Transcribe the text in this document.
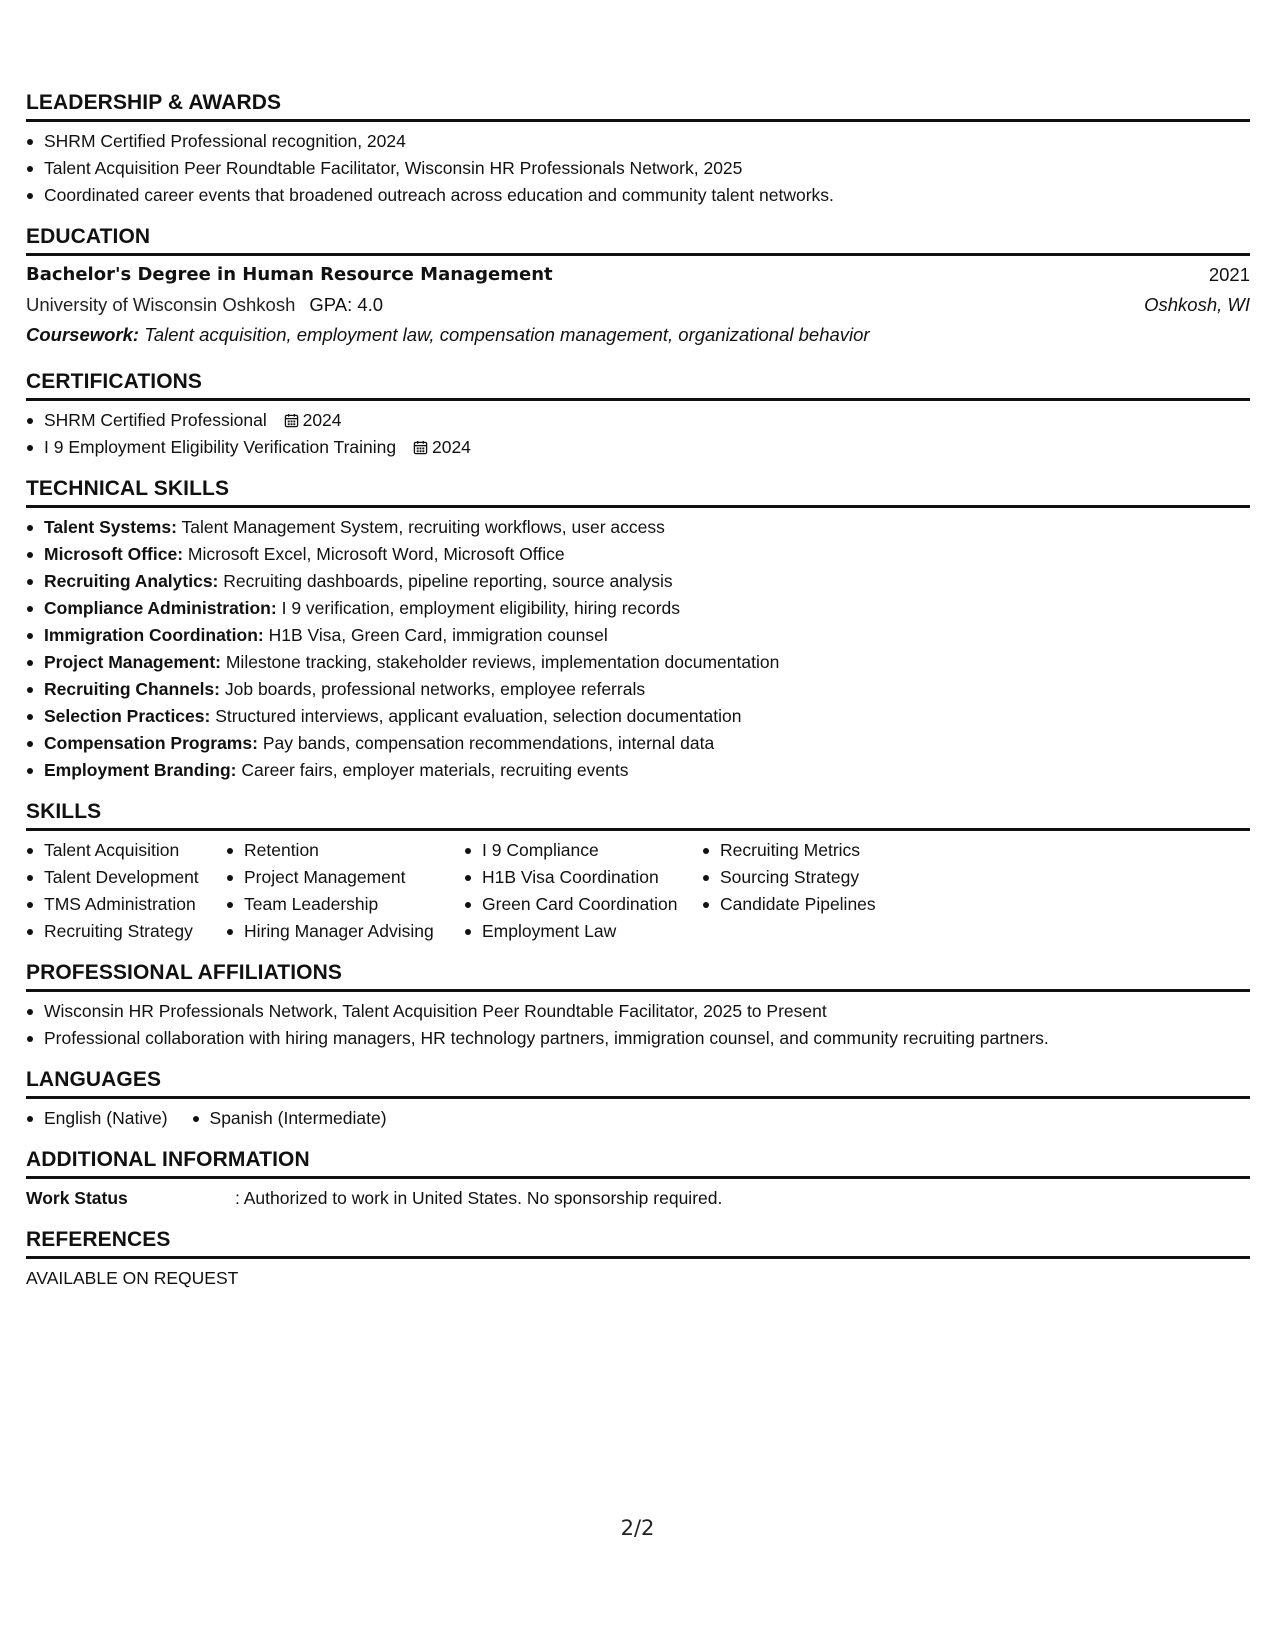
LEADERSHIP & AWARDS
SHRM Certified Professional recognition, 2024
Talent Acquisition Peer Roundtable Facilitator, Wisconsin HR Professionals Network, 2025
Coordinated career events that broadened outreach across education and community talent networks.
EDUCATION
Bachelor's Degree in Human Resource Management	2021
University of Wisconsin Oshkosh GPA: 4.0	Oshkosh, WI
Coursework: Talent acquisition, employment law, compensation management, organizational behavior
CERTIFICATIONS
SHRM Certified Professional 2024
I 9 Employment Eligibility Verification Training 2024
TECHNICAL SKILLS
Talent Systems: Talent Management System, recruiting workflows, user access
Microsoft Office: Microsoft Excel, Microsoft Word, Microsoft Office
Recruiting Analytics: Recruiting dashboards, pipeline reporting, source analysis
Compliance Administration: I 9 verification, employment eligibility, hiring records
Immigration Coordination: H1B Visa, Green Card, immigration counsel
Project Management: Milestone tracking, stakeholder reviews, implementation documentation
Recruiting Channels: Job boards, professional networks, employee referrals
Selection Practices: Structured interviews, applicant evaluation, selection documentation
Compensation Programs: Pay bands, compensation recommendations, internal data
Employment Branding: Career fairs, employer materials, recruiting events
SKILLS
Talent Acquisition
Talent Development
TMS Administration
Recruiting Strategy
Retention
Project Management
Team Leadership
Hiring Manager Advising
I 9 Compliance
H1B Visa Coordination
Green Card Coordination
Employment Law
Recruiting Metrics
Sourcing Strategy
Candidate Pipelines
PROFESSIONAL AFFILIATIONS
Wisconsin HR Professionals Network, Talent Acquisition Peer Roundtable Facilitator, 2025 to Present
Professional collaboration with hiring managers, HR technology partners, immigration counsel, and community recruiting partners.
LANGUAGES
English (Native)	Spanish (Intermediate)
ADDITIONAL INFORMATION
Work Status	: Authorized to work in United States. No sponsorship required.
REFERENCES
AVAILABLE ON REQUEST
2/2
